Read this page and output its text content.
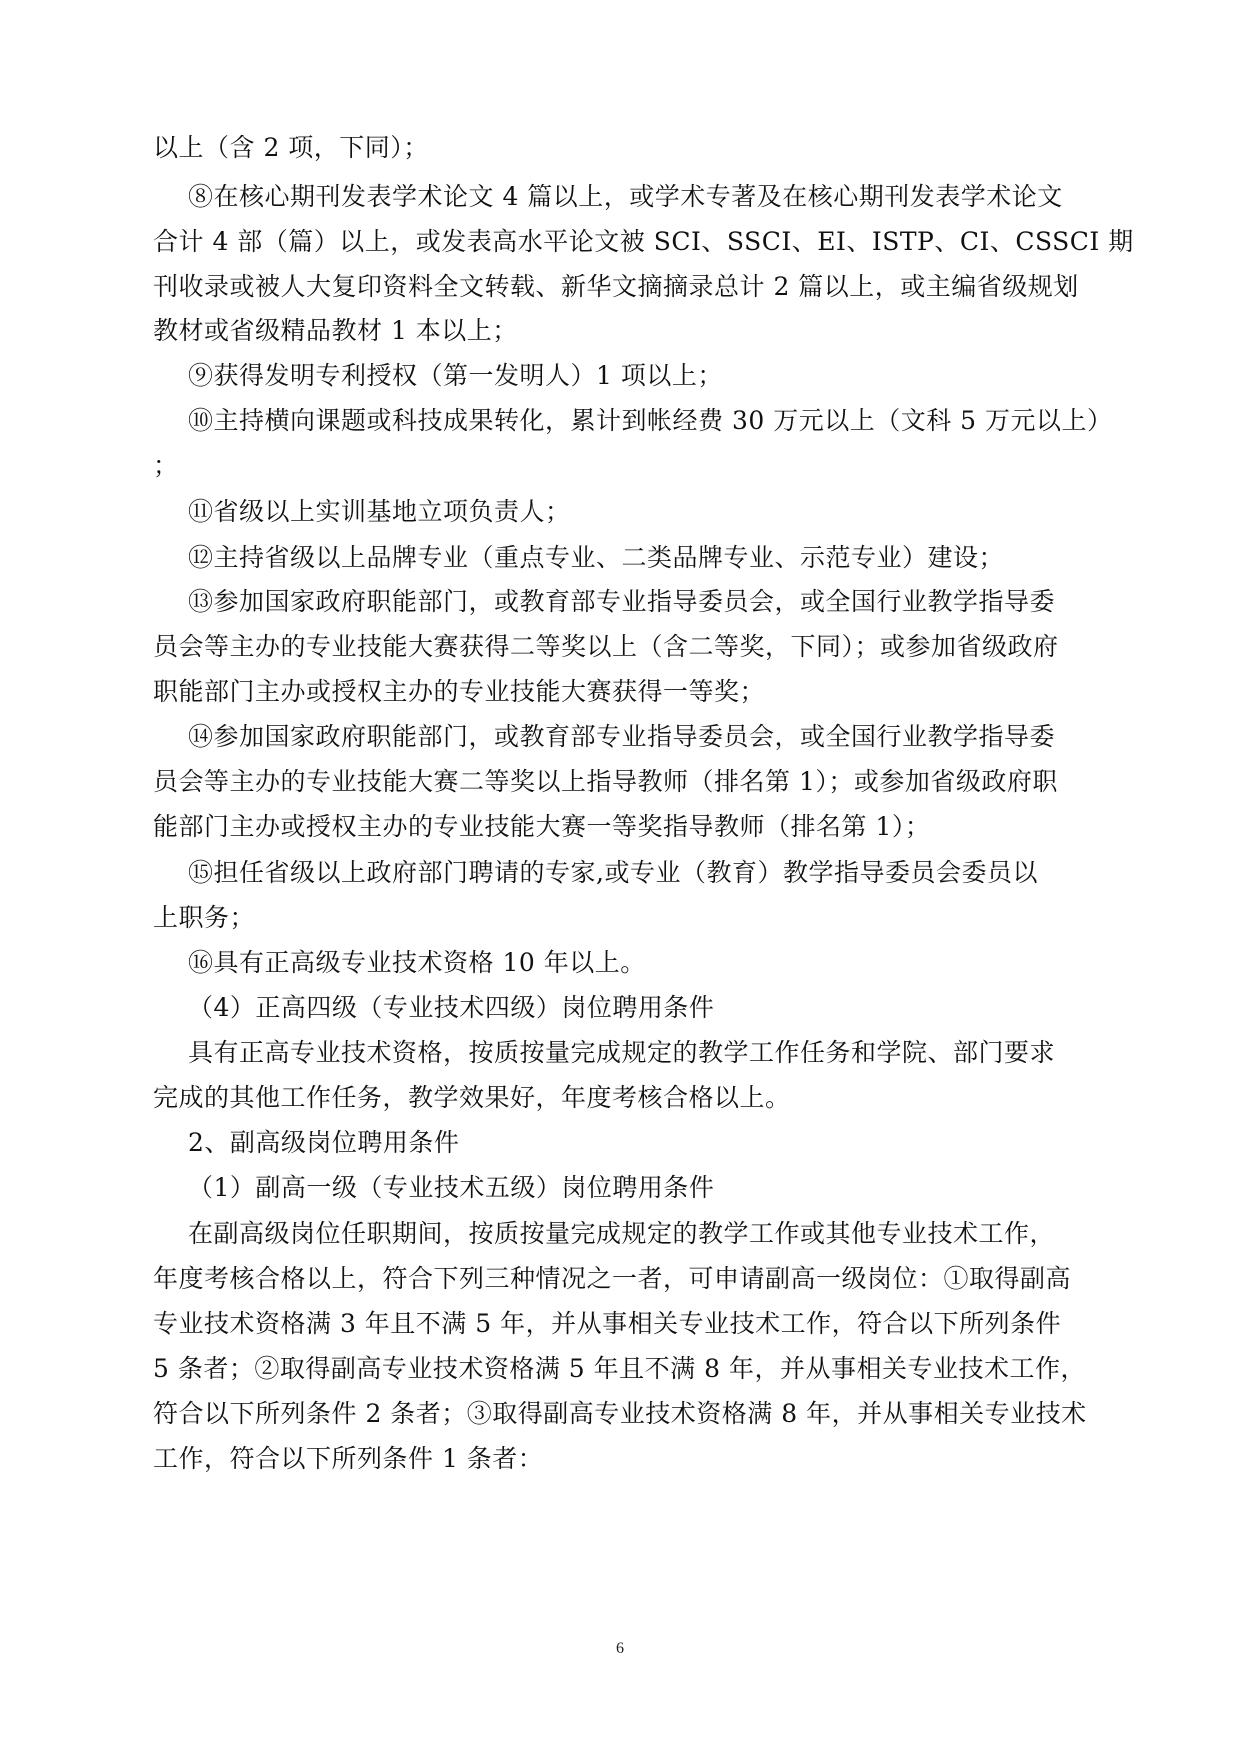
以上（含 2 项，下同）；
⑧在核心期刊发表学术论文 4 篇以上，或学术专著及在核心期刊发表学术论文
合计 4 部（篇）以上，或发表高水平论文被 SCI、SSCI、EI、ISTP、CI、CSSCI 期
刊收录或被人大复印资料全文转载、新华文摘摘录总计 2 篇以上，或主编省级规划
教材或省级精品教材 1 本以上；
⑨获得发明专利授权（第一发明人）1 项以上；
⑩主持横向课题或科技成果转化，累计到帐经费 30 万元以上（文科 5 万元以上）
；
⑪省级以上实训基地立项负责人；
⑫主持省级以上品牌专业（重点专业、二类品牌专业、示范专业）建设；
⑬参加国家政府职能部门，或教育部专业指导委员会，或全国行业教学指导委
员会等主办的专业技能大赛获得二等奖以上（含二等奖，下同）；或参加省级政府
职能部门主办或授权主办的专业技能大赛获得一等奖；
⑭参加国家政府职能部门，或教育部专业指导委员会，或全国行业教学指导委
员会等主办的专业技能大赛二等奖以上指导教师（排名第 1）；或参加省级政府职
能部门主办或授权主办的专业技能大赛一等奖指导教师（排名第 1）；
⑮担任省级以上政府部门聘请的专家,或专业（教育）教学指导委员会委员以
上职务；
⑯具有正高级专业技术资格 10 年以上。
（4）正高四级（专业技术四级）岗位聘用条件
具有正高专业技术资格，按质按量完成规定的教学工作任务和学院、部门要求
完成的其他工作任务，教学效果好，年度考核合格以上。
2、副高级岗位聘用条件
（1）副高一级（专业技术五级）岗位聘用条件
在副高级岗位任职期间，按质按量完成规定的教学工作或其他专业技术工作，
年度考核合格以上，符合下列三种情况之一者，可申请副高一级岗位：①取得副高
专业技术资格满 3 年且不满 5 年，并从事相关专业技术工作，符合以下所列条件
5 条者；②取得副高专业技术资格满 5 年且不满 8 年，并从事相关专业技术工作，
符合以下所列条件 2 条者；③取得副高专业技术资格满 8 年，并从事相关专业技术
工作，符合以下所列条件 1 条者：
6
